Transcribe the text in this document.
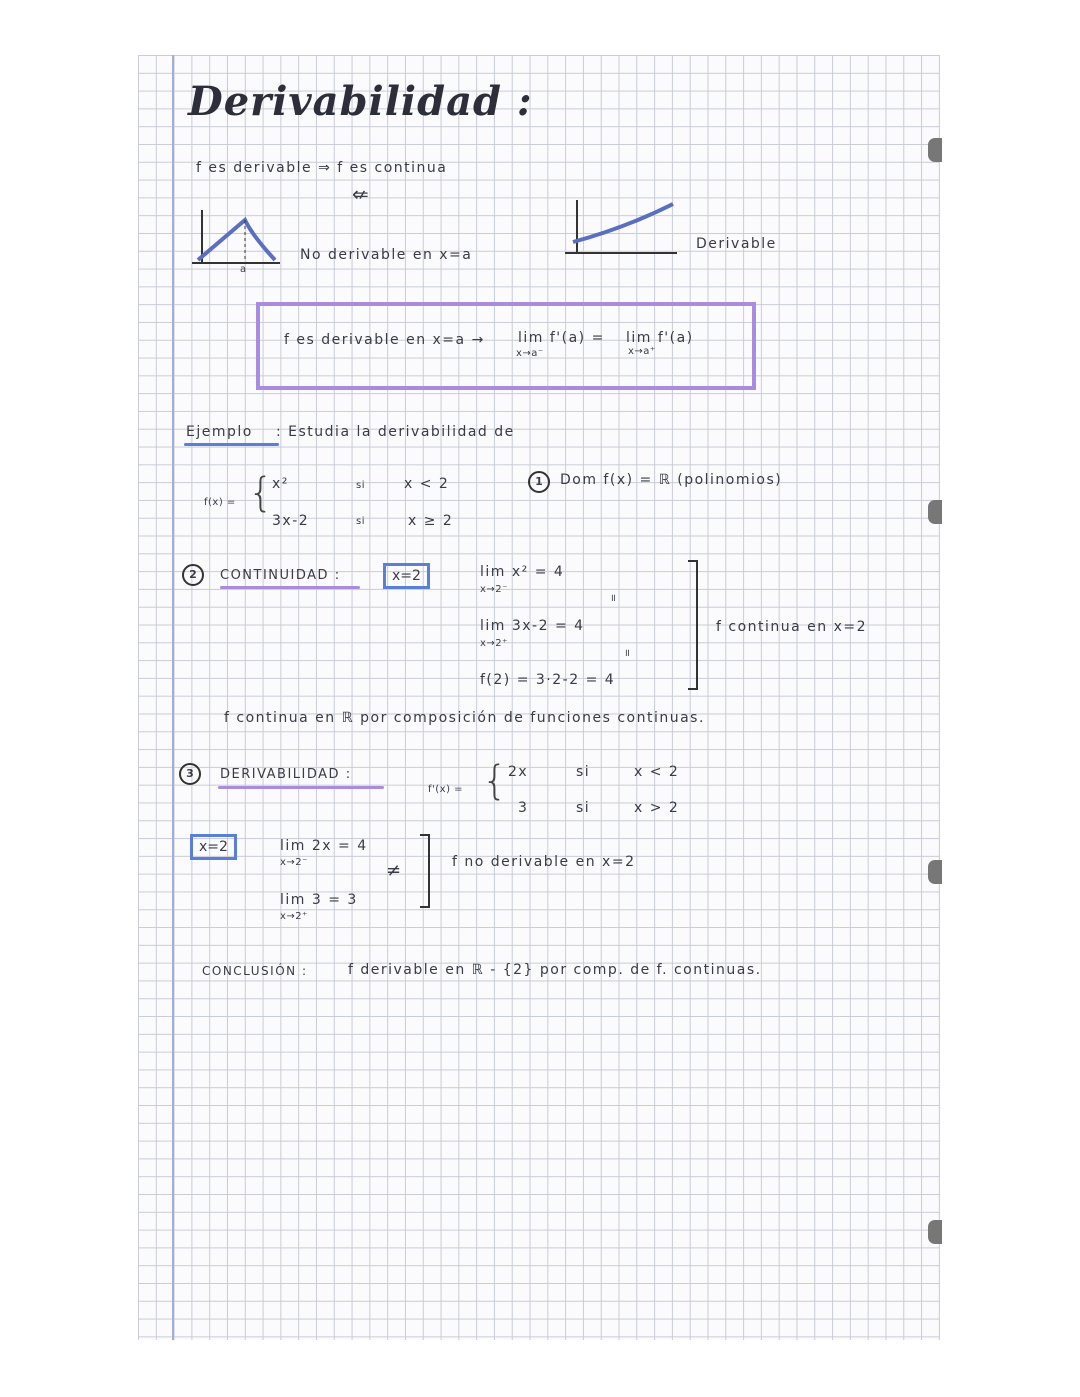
Derivabilidad :
f es derivable ⇒ f es continua
⇍
a
No derivable en x=a
Derivable
f es derivable en x=a → lim f'(a) =
x→a⁻
lim f'(a)
x→a⁺
Ejemplo : Estudia la derivabilidad de
f(x) = {
x²	si	x < 2
3x-2	si	x ≥ 2
1	Dom f(x) = ℝ (polinomios)
2	CONTINUIDAD :	x=2	lim x² = 4
x→2⁻
॥
lim 3x-2 = 4
x→2⁺
॥
f(2) = 3·2-2 = 4
f continua en x=2
f continua en ℝ por composición de funciones continuas.
3	DERIVABILIDAD :
f'(x) = { 2x	si	x < 2
3	si	x > 2
x=2	lim 2x = 4
x→2⁻	≠
lim 3 = 3
x→2⁺
f no derivable en x=2
CONCLUSIÓN :	f derivable en ℝ - {2} por comp. de f. continuas.
